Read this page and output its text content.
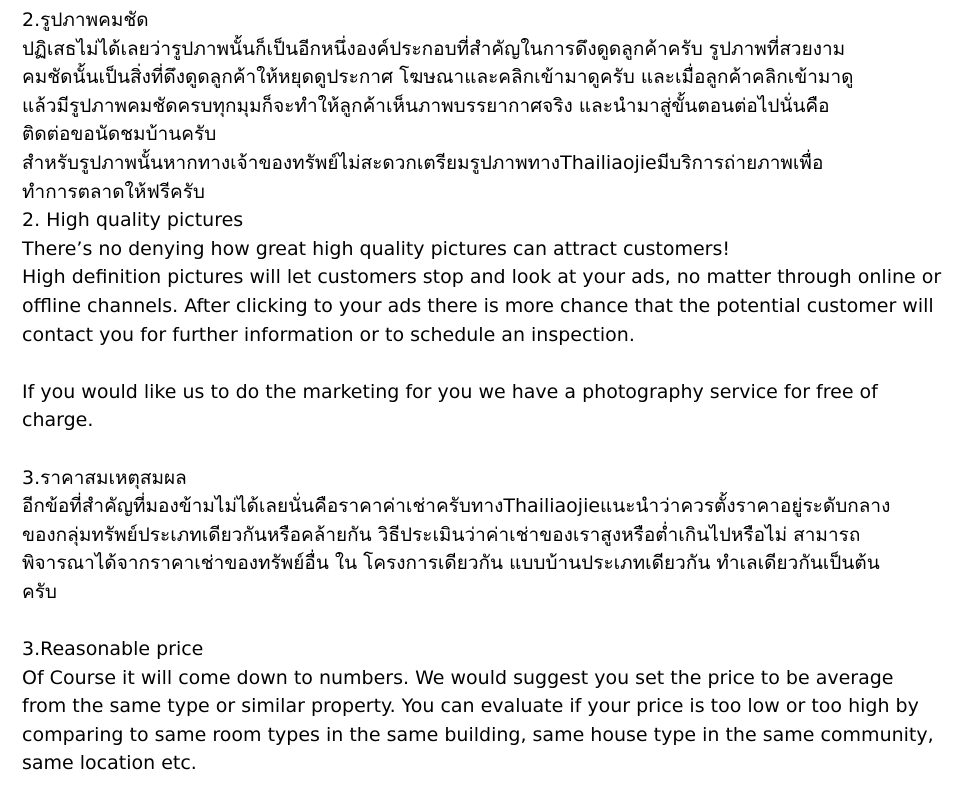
2.รูปภาพคมชัด
ปฏิเสธไม่ได้เลยว่ารูปภาพนั้นก็เป็นอีกหนึ่งองค์ประกอบที่สำคัญในการดึงดูดลูกค้าครับ รูปภาพที่สวยงาม
คมชัดนั้นเป็นสิ่งที่ดึงดูดลูกค้าให้หยุดดูประกาศ โฆษณาและคลิกเข้ามาดูครับ และเมื่อลูกค้าคลิกเข้ามาดู
แล้วมีรูปภาพคมชัดครบทุกมุมก็จะทำให้ลูกค้าเห็นภาพบรรยากาศจริง และนำมาสู่ขั้นตอนต่อไปนั่นคือ
ติดต่อขอนัดชมบ้านครับ
สำหรับรูปภาพนั้นหากทางเจ้าของทรัพย์ไม่สะดวกเตรียมรูปภาพทางThailiaojieมีบริการถ่ายภาพเพื่อ
ทำการตลาดให้ฟรีครับ
2. High quality pictures
There’s no denying how great high quality pictures can attract customers!
High definition pictures will let customers stop and look at your ads, no matter through online or
offline channels. After clicking to your ads there is more chance that the potential customer will
contact you for further information or to schedule an inspection.
If you would like us to do the marketing for you we have a photography service for free of
charge.
3.ราคาสมเหตุสมผล
อีกข้อที่สำคัญที่มองข้ามไม่ได้เลยนั่นคือราคาค่าเช่าครับทางThailiaojieแนะนำว่าควรตั้งราคาอยู่ระดับกลาง
ของกลุ่มทรัพย์ประเภทเดียวกันหรือคล้ายกัน วิธีประเมินว่าค่าเช่าของเราสูงหรือต่ำเกินไปหรือไม่ สามารถ
พิจารณาได้จากราคาเช่าของทรัพย์อื่น ใน โครงการเดียวกัน แบบบ้านประเภทเดียวกัน ทำเลเดียวกันเป็นต้น
ครับ
3.Reasonable price
Of Course it will come down to numbers. We would suggest you set the price to be average
from the same type or similar property. You can evaluate if your price is too low or too high by
comparing to same room types in the same building, same house type in the same community,
same location etc.
